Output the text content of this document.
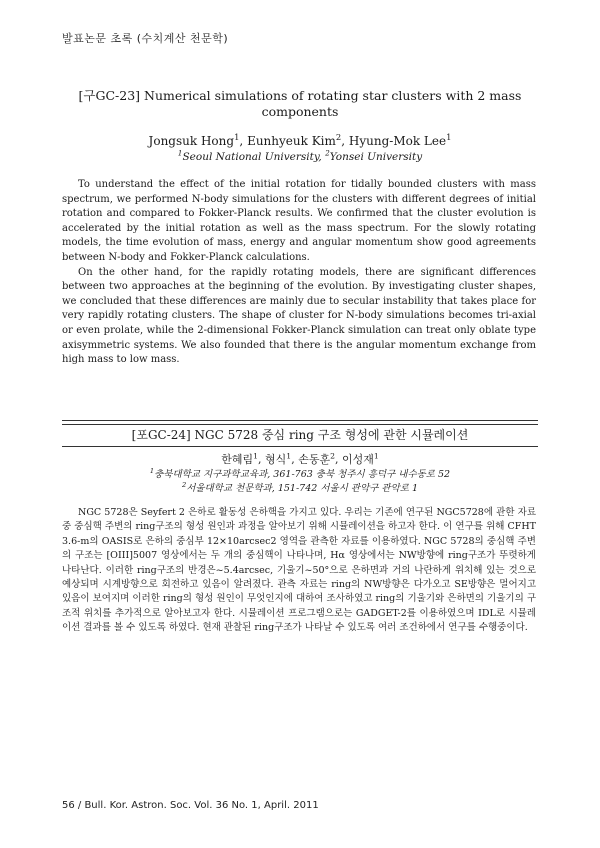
발표논문 초록 (수치계산 천문학)
[구GC-23] Numerical simulations of rotating star clusters with 2 mass components
Jongsuk Hong$^1$, Eunhyeuk Kim$^2$, Hyung-Mok Lee$^1$
$^1$Seoul National University, $^2$Yonsei University

To understand the effect of the initial rotation for tidally bounded clusters with mass spectrum, we performed N-body simulations for the clusters with different degrees of initial rotation and compared to Fokker-Planck results. We confirmed that the cluster evolution is accelerated by the initial rotation as well as the mass spectrum. For the slowly rotating models, the time evolution of mass, energy and angular momentum show good agreements between N-body and Fokker-Planck calculations.

On the other hand, for the rapidly rotating models, there are significant differences between two approaches at the beginning of the evolution. By investigating cluster shapes, we concluded that these differences are mainly due to secular instability that takes place for very rapidly rotating clusters. The shape of cluster for N-body simulations becomes tri-axial or even prolate, while the 2-dimensional Fokker-Planck simulation can treat only oblate type axisymmetric systems. We also founded that there is the angular momentum exchange from high mass to low mass.

[포GC-24] NGC 5728 중심 ring 구조 형성에 관한 시뮬레이션
한혜림$^1$, 형식$^1$, 손동훈$^2$, 이성재$^1$
$^1$충북대학교 지구과학교육과, 361-763 충북 청주시 흥덕구 내수동로 52
$^2$서울대학교 천문학과, 151-742 서울시 관악구 관악로 1

NGC 5728은 Seyfert 2 은하로 활동성 은하핵을 가지고 있다. 우리는 기존에 연구된 NGC5728에 관한 자료 중 중심핵 주변의 ring구조의 형성 원인과 과정을 알아보기 위해 시뮬레이션을 하고자 한다. 이 연구를 위해 CFHT 3.6-m의 OASIS로 은하의 중심부 12×10arcsec2 영역을 관측한 자료를 이용하였다. NGC 5728의 중심핵 주변의 구조는 [OIII]5007 영상에서는 두 개의 중심핵이 나타나며, Hα 영상에서는 NW방향에 ring구조가 뚜렷하게 나타난다. 이러한 ring구조의 반경은~5.4arcsec, 기울기~50°으로 은하면과 거의 나란하게 위치해 있는 것으로 예상되며 시계방향으로 회전하고 있음이 알려졌다. 관측 자료는 ring의 NW방향은 다가오고 SE방향은 멀어지고 있음이 보여지며 이러한 ring의 형성 원인이 무엇인지에 대하여 조사하였고 ring의 기울기와 은하면의 기울기의 구조적 위치를 추가적으로 알아보고자 한다. 시뮬레이션 프로그램으로는 GADGET-2를 이용하였으며 IDL로 시뮬레이션 결과를 볼 수 있도록 하였다. 현재 관찰된 ring구조가 나타날 수 있도록 여러 조건하에서 연구를 수행중이다.

56 / Bull. Kor. Astron. Soc. Vol. 36 No. 1, April. 2011
